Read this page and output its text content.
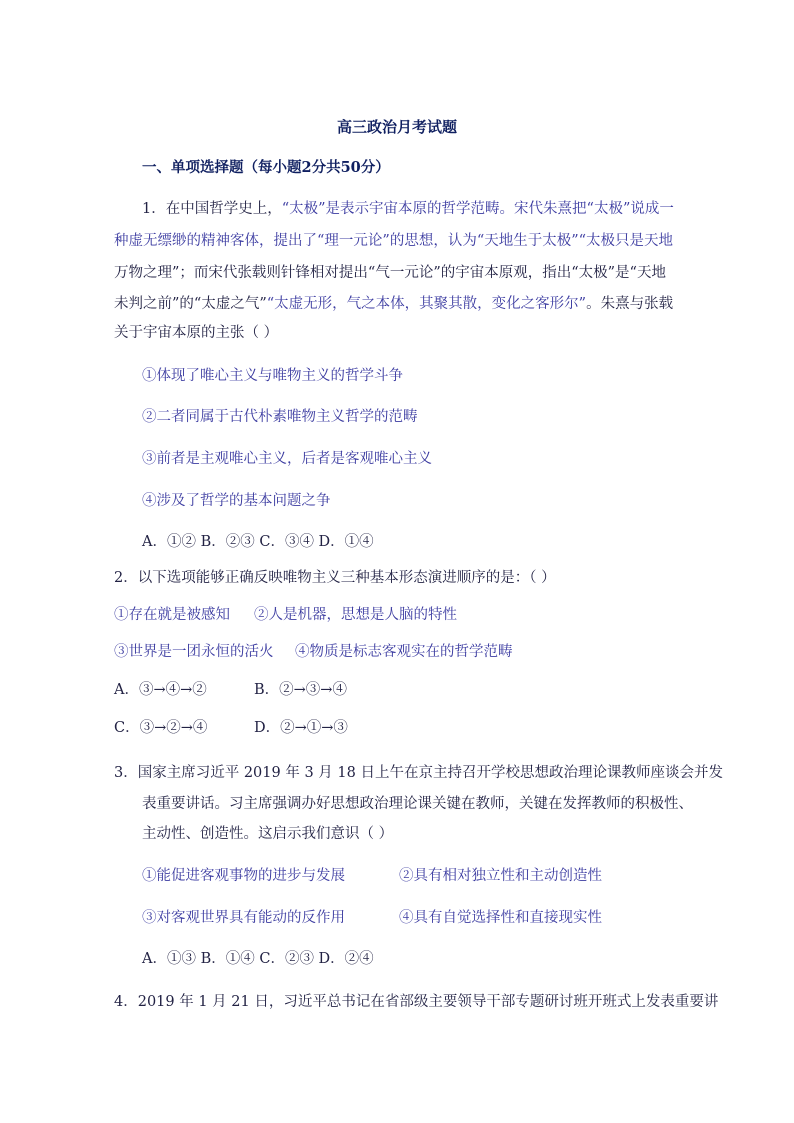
高三政治月考试题
一、单项选择题（每小题2分共50分）
1．在中国哲学史上，“太极”是表示宇宙本原的哲学范畴。宋代朱熹把“太极”说成一
种虚无缥缈的精神客体，提出了“理一元论”的思想，认为“天地生于太极”“太极只是天地
万物之理”；而宋代张载则针锋相对提出“气一元论”的宇宙本原观，指出“太极”是“天地
未判之前”的“太虚之气”“太虚无形，气之本体，其聚其散，变化之客形尔”。朱熹与张载
关于宇宙本原的主张（ ）
①体现了唯心主义与唯物主义的哲学斗争
②二者同属于古代朴素唯物主义哲学的范畴
③前者是主观唯心主义，后者是客观唯心主义
④涉及了哲学的基本问题之争
A．①② B．②③ C．③④ D．①④
2．以下选项能够正确反映唯物主义三种基本形态演进顺序的是：（ ）
①存在就是被感知 ②人是机器，思想是人脑的特性
③世界是一团永恒的活火 ④物质是标志客观实在的哲学范畴
A．③→④→②	B．②→③→④
C．③→②→④	D．②→①→③
3．国家主席习近平 2019 年 3 月 18 日上午在京主持召开学校思想政治理论课教师座谈会并发
表重要讲话。习主席强调办好思想政治理论课关键在教师，关键在发挥教师的积极性、
主动性、创造性。这启示我们意识（ ）
①能促进客观事物的进步与发展	②具有相对独立性和主动创造性
③对客观世界具有能动的反作用	④具有自觉选择性和直接现实性
A．①③ B．①④ C．②③ D．②④
4．2019 年 1 月 21 日，习近平总书记在省部级主要领导干部专题研讨班开班式上发表重要讲
